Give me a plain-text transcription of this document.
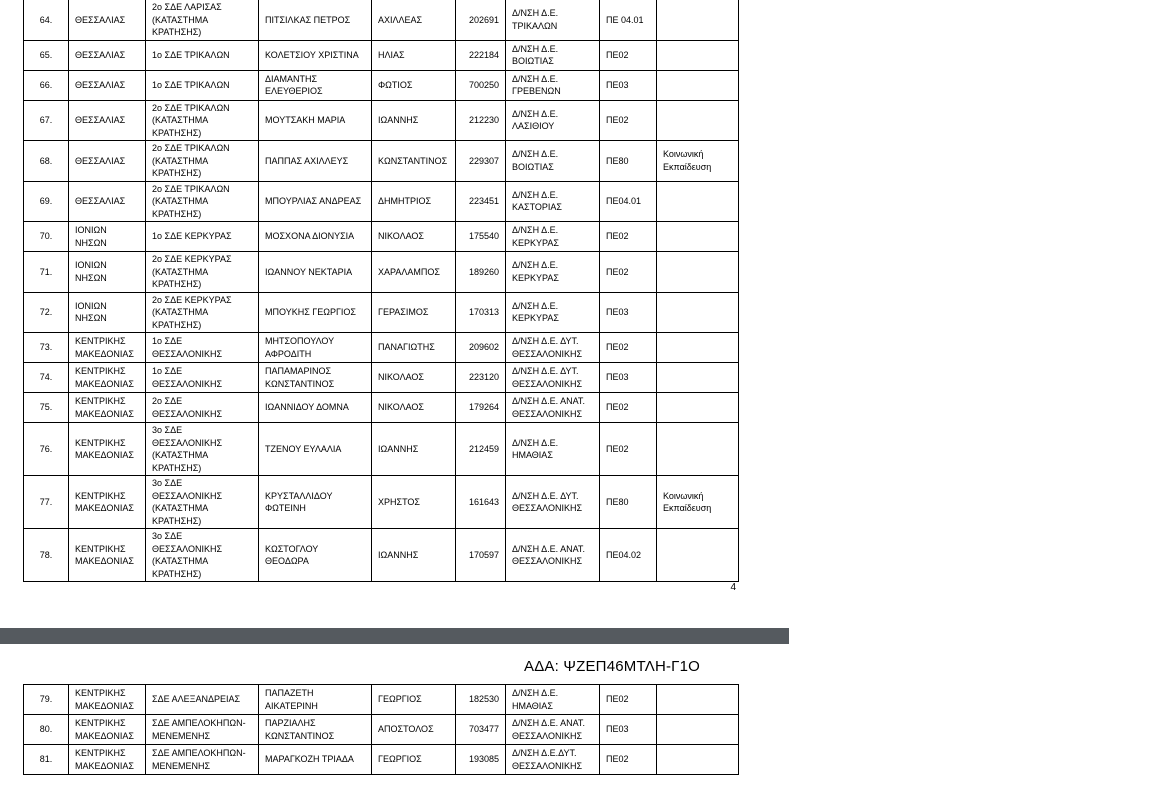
64.	ΘΕΣΣΑΛΙΑΣ	2ο ΣΔΕ ΛΑΡΙΣΑΣ
(ΚΑΤΑΣΤΗΜΑ
ΚΡΑΤΗΣΗΣ)	ΠΙΤΣΙΛΚΑΣ ΠΕΤΡΟΣ	ΑΧΙΛΛΕΑΣ	202691	Δ/ΝΣΗ Δ.Ε.
ΤΡΙΚΑΛΩΝ	ΠΕ 04.01	
65.	ΘΕΣΣΑΛΙΑΣ	1ο ΣΔΕ ΤΡΙΚΑΛΩΝ	ΚΟΛΕΤΣΙΟΥ ΧΡΙΣΤΙΝΑ	ΗΛΙΑΣ	222184	Δ/ΝΣΗ Δ.Ε.
ΒΟΙΩΤΙΑΣ	ΠΕ02	
66.	ΘΕΣΣΑΛΙΑΣ	1ο ΣΔΕ ΤΡΙΚΑΛΩΝ	ΔΙΑΜΑΝΤΗΣ
ΕΛΕΥΘΕΡΙΟΣ	ΦΩΤΙΟΣ	700250	Δ/ΝΣΗ Δ.Ε.
ΓΡΕΒΕΝΩΝ	ΠΕ03	
67.	ΘΕΣΣΑΛΙΑΣ	2ο ΣΔΕ ΤΡΙΚΑΛΩΝ
(ΚΑΤΑΣΤΗΜΑ
ΚΡΑΤΗΣΗΣ)	ΜΟΥΤΣΑΚΗ ΜΑΡΙΑ	ΙΩΑΝΝΗΣ	212230	Δ/ΝΣΗ Δ.Ε.
ΛΑΣΙΘΙΟΥ	ΠΕ02	
68.	ΘΕΣΣΑΛΙΑΣ	2ο ΣΔΕ ΤΡΙΚΑΛΩΝ
(ΚΑΤΑΣΤΗΜΑ
ΚΡΑΤΗΣΗΣ)	ΠΑΠΠΑΣ ΑΧΙΛΛΕΥΣ	ΚΩΝΣΤΑΝΤΙΝΟΣ	229307	Δ/ΝΣΗ Δ.Ε.
ΒΟΙΩΤΙΑΣ	ΠΕ80	Κοινωνική
Εκπαίδευση
69.	ΘΕΣΣΑΛΙΑΣ	2ο ΣΔΕ ΤΡΙΚΑΛΩΝ
(ΚΑΤΑΣΤΗΜΑ
ΚΡΑΤΗΣΗΣ)	ΜΠΟΥΡΛΙΑΣ ΑΝΔΡΕΑΣ	ΔΗΜΗΤΡΙΟΣ	223451	Δ/ΝΣΗ Δ.Ε.
ΚΑΣΤΟΡΙΑΣ	ΠΕ04.01	
70.	ΙΟΝΙΩΝ
ΝΗΣΩΝ	1ο ΣΔΕ ΚΕΡΚΥΡΑΣ	ΜΟΣΧΟΝΑ ΔΙΟΝΥΣΙΑ	ΝΙΚΟΛΑΟΣ	175540	Δ/ΝΣΗ Δ.Ε.
ΚΕΡΚΥΡΑΣ	ΠΕ02	
71.	ΙΟΝΙΩΝ
ΝΗΣΩΝ	2ο ΣΔΕ ΚΕΡΚΥΡΑΣ
(ΚΑΤΑΣΤΗΜΑ
ΚΡΑΤΗΣΗΣ)	ΙΩΑΝΝΟΥ ΝΕΚΤΑΡΙΑ	ΧΑΡΑΛΑΜΠΟΣ	189260	Δ/ΝΣΗ Δ.Ε.
ΚΕΡΚΥΡΑΣ	ΠΕ02	
72.	ΙΟΝΙΩΝ
ΝΗΣΩΝ	2ο ΣΔΕ ΚΕΡΚΥΡΑΣ
(ΚΑΤΑΣΤΗΜΑ
ΚΡΑΤΗΣΗΣ)	ΜΠΟΥΚΗΣ ΓΕΩΡΓΙΟΣ	ΓΕΡΑΣΙΜΟΣ	170313	Δ/ΝΣΗ Δ.Ε.
ΚΕΡΚΥΡΑΣ	ΠΕ03	
73.	ΚΕΝΤΡΙΚΗΣ
ΜΑΚΕΔΟΝΙΑΣ	1ο ΣΔΕ
ΘΕΣΣΑΛΟΝΙΚΗΣ	ΜΗΤΣΟΠΟΥΛΟΥ
ΑΦΡΟΔΙΤΗ	ΠΑΝΑΓΙΩΤΗΣ	209602	Δ/ΝΣΗ Δ.Ε. ΔΥΤ.
ΘΕΣΣΑΛΟΝΙΚΗΣ	ΠΕ02	
74.	ΚΕΝΤΡΙΚΗΣ
ΜΑΚΕΔΟΝΙΑΣ	1ο ΣΔΕ
ΘΕΣΣΑΛΟΝΙΚΗΣ	ΠΑΠΑΜΑΡΙΝΟΣ
ΚΩΝΣΤΑΝΤΙΝΟΣ	ΝΙΚΟΛΑΟΣ	223120	Δ/ΝΣΗ Δ.Ε. ΔΥΤ.
ΘΕΣΣΑΛΟΝΙΚΗΣ	ΠΕ03	
75.	ΚΕΝΤΡΙΚΗΣ
ΜΑΚΕΔΟΝΙΑΣ	2ο ΣΔΕ
ΘΕΣΣΑΛΟΝΙΚΗΣ	ΙΩΑΝΝΙΔΟΥ ΔΟΜΝΑ	ΝΙΚΟΛΑΟΣ	179264	Δ/ΝΣΗ Δ.Ε. ΑΝΑΤ.
ΘΕΣΣΑΛΟΝΙΚΗΣ	ΠΕ02	
76.	ΚΕΝΤΡΙΚΗΣ
ΜΑΚΕΔΟΝΙΑΣ	3ο ΣΔΕ
ΘΕΣΣΑΛΟΝΙΚΗΣ
(ΚΑΤΑΣΤΗΜΑ
ΚΡΑΤΗΣΗΣ)	ΤΖΕΝΟΥ ΕΥΛΑΛΙΑ	ΙΩΑΝΝΗΣ	212459	Δ/ΝΣΗ Δ.Ε.
ΗΜΑΘΙΑΣ	ΠΕ02	
77.	ΚΕΝΤΡΙΚΗΣ
ΜΑΚΕΔΟΝΙΑΣ	3ο ΣΔΕ
ΘΕΣΣΑΛΟΝΙΚΗΣ
(ΚΑΤΑΣΤΗΜΑ
ΚΡΑΤΗΣΗΣ)	ΚΡΥΣΤΑΛΛΙΔΟΥ
ΦΩΤΕΙΝΗ	ΧΡΗΣΤΟΣ	161643	Δ/ΝΣΗ Δ.Ε. ΔΥΤ.
ΘΕΣΣΑΛΟΝΙΚΗΣ	ΠΕ80	Κοινωνική
Εκπαίδευση
78.	ΚΕΝΤΡΙΚΗΣ
ΜΑΚΕΔΟΝΙΑΣ	3ο ΣΔΕ
ΘΕΣΣΑΛΟΝΙΚΗΣ
(ΚΑΤΑΣΤΗΜΑ
ΚΡΑΤΗΣΗΣ)	ΚΩΣΤΟΓΛΟΥ
ΘΕΟΔΩΡΑ	ΙΩΑΝΝΗΣ	170597	Δ/ΝΣΗ Δ.Ε. ΑΝΑΤ.
ΘΕΣΣΑΛΟΝΙΚΗΣ	ΠΕ04.02	
4
ΑΔΑ: ΨΖΕΠ46ΜΤΛΗ-Γ1Ο
79.	ΚΕΝΤΡΙΚΗΣ
ΜΑΚΕΔΟΝΙΑΣ	ΣΔΕ ΑΛΕΞΑΝΔΡΕΙΑΣ	ΠΑΠΑΖΕΤΗ
ΑΙΚΑΤΕΡΙΝΗ	ΓΕΩΡΓΙΟΣ	182530	Δ/ΝΣΗ Δ.Ε.
ΗΜΑΘΙΑΣ	ΠΕ02	
80.	ΚΕΝΤΡΙΚΗΣ
ΜΑΚΕΔΟΝΙΑΣ	ΣΔΕ ΑΜΠΕΛΟΚΗΠΩΝ-
ΜΕΝΕΜΕΝΗΣ	ΠΑΡΖΙΑΛΗΣ
ΚΩΝΣΤΑΝΤΙΝΟΣ	ΑΠΟΣΤΟΛΟΣ	703477	Δ/ΝΣΗ Δ.Ε. ΑΝΑΤ.
ΘΕΣΣΑΛΟΝΙΚΗΣ	ΠΕ03	
81.	ΚΕΝΤΡΙΚΗΣ
ΜΑΚΕΔΟΝΙΑΣ	ΣΔΕ ΑΜΠΕΛΟΚΗΠΩΝ-
ΜΕΝΕΜΕΝΗΣ	ΜΑΡΑΓΚΟΖΗ ΤΡΙΑΔΑ	ΓΕΩΡΓΙΟΣ	193085	Δ/ΝΣΗ Δ.Ε.ΔΥΤ.
ΘΕΣΣΑΛΟΝΙΚΗΣ	ΠΕ02	
